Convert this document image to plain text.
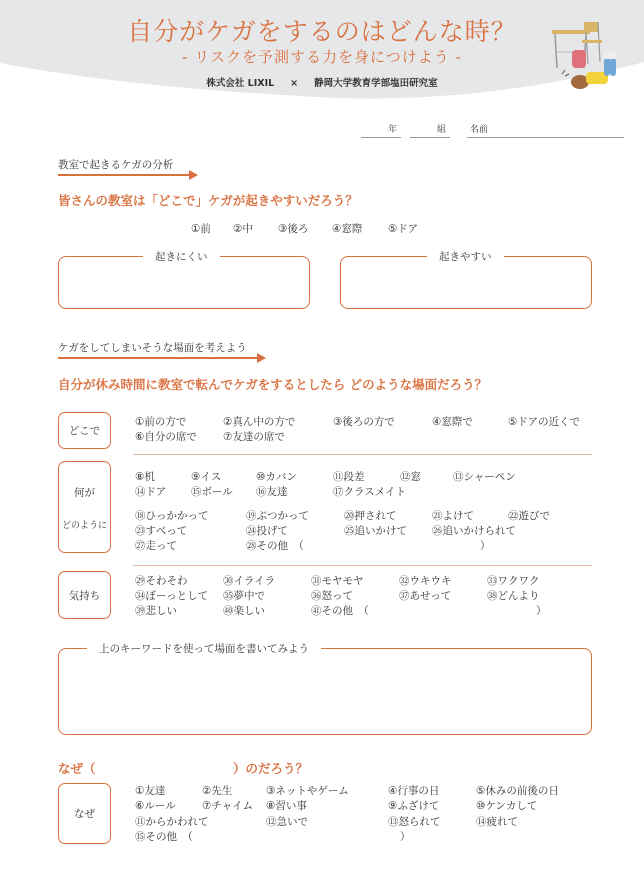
自分がケガをするのはどんな時？
- リスクを予測する力を身につけよう -
株式会社 LIXIL × 静岡大学教育学部塩田研究室
年	組	名前
教室で起きるケガの分析
皆さんの教室は「どこで」ケガが起きやすいだろう？
①前 ②中 ③後ろ ④窓際 ⑤ドア
起きにくい	起きやすい
ケガをしてしまいそうな場面を考えよう
自分が休み時間に教室で転んでケガをするとしたら どのような場面だろう？
どこで
①前の方で	②真ん中の方で	③後ろの方で	④窓際で	⑤ドアの近くで
⑥自分の席で ⑦友達の席で
何が
どのように
⑧机	⑨イス	⑩カバン	⑪段差	⑫窓	⑬シャーペン
⑭ドア ⑮ボール ⑯友達	⑰クラスメイト
⑱ひっかかって	⑲ぶつかって	⑳押されて	㉑よけて	㉒遊びで
㉓すべって	㉔投げて	㉕追いかけて ㉖追いかけられて
㉗走って	㉘その他　（	）
気持ち
㉙そわそわ	㉚イライラ	㉛モヤモヤ	㉜ウキウキ	㉝ワクワク
㉞ぼーっとして ㉟夢中で	㊱怒って	㊲あせって	㊳どんより
㊴悲しい	㊵楽しい	㊶その他　（	）
上のキーワードを使って場面を書いてみよう
なぜ（	）のだろう？
なぜ
①友達	②先生	③ネットやゲーム	④行事の日	⑤休みの前後の日
⑥ルール	⑦チャイム ⑧習い事	⑨ふざけて	⑩ケンカして
⑪からかわれて	⑫急いで	⑬怒られて	⑭疲れて
⑮その他　（	）
